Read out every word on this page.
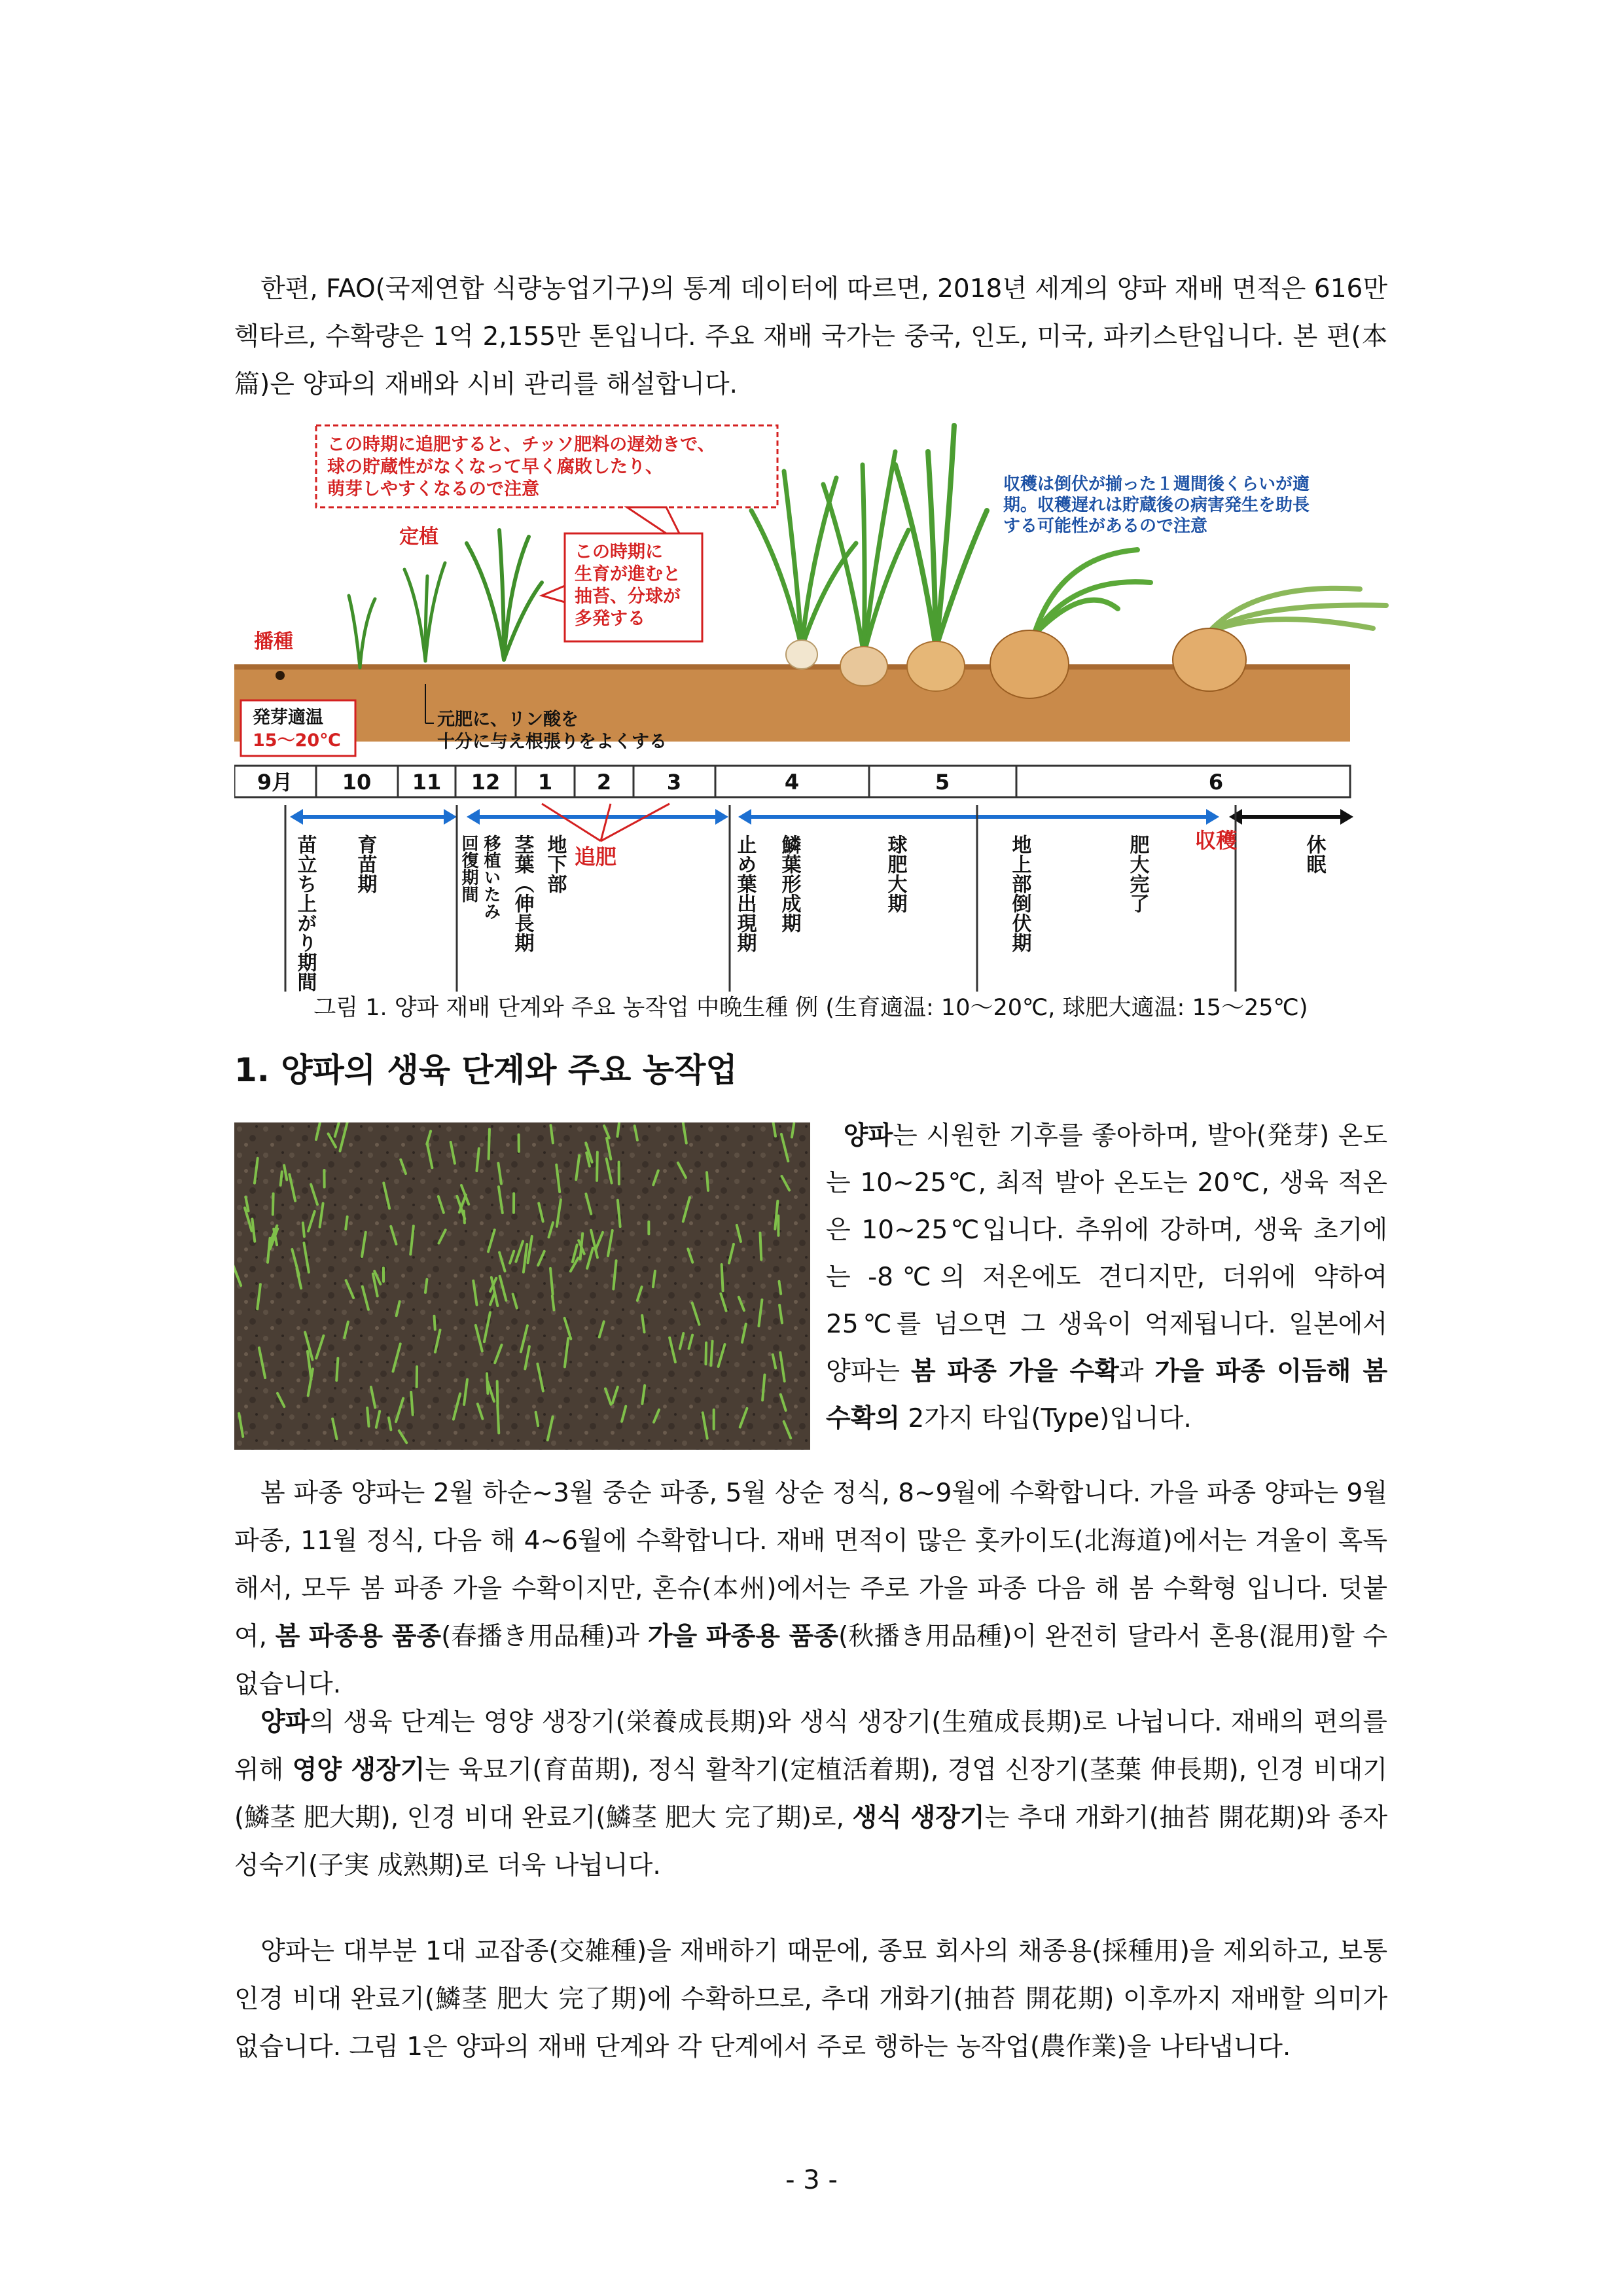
한편, FAO(국제연합 식량농업기구)의 통계 데이터에 따르면, 2018년 세계의 양파 재배 면적은 616만 헥타르, 수확량은 1억 2,155만 톤입니다. 주요 재배 국가는 중국, 인도, 미국, 파키스탄입니다. 본 편(本篇)은 양파의 재배와 시비 관리를 해설합니다.

この時期に追肥すると、チッソ肥料の遅効きで、
球の貯蔵性がなくなって早く腐敗したり、
萌芽しやすくなるので注意
この時期に
生育が進むと
抽苔、分球が
多発する
収穫は倒伏が揃った１週間後くらいが適
期。収穫遅れは貯蔵後の病害発生を助長
する可能性があるので注意
播種
定植
発芽適温
15～20℃
元肥に、リン酸を
十分に与え根張りをよくする
9月 10 11 12 1 2	3	4	5	6
追肥
苗立ち上がり期間 育苗期	回復期間 移植いたみ 茎葉（伸長期 地下部	止め葉出現期 鱗葉形成期	球肥大期	地上部倒伏期	肥大完了	休眠
収穫
그림 1. 양파 재배 단계와 주요 농작업 中晩生種 例 (生育適温: 10～20℃, 球肥大適温: 15～25℃)
1. 양파의 생육 단계와 주요 농작업

양파는 시원한 기후를 좋아하며, 발아(発芽) 온도는 10~25℃, 최적 발아 온도는 20℃, 생육 적온은 10~25℃입니다. 추위에 강하며, 생육 초기에는 -8℃의 저온에도 견디지만, 더위에 약하여 25℃를 넘으면 그 생육이 억제됩니다. 일본에서 양파는 봄 파종 가을 수확과 가을 파종 이듬해 봄 수확의 2가지 타입(Type)입니다.

봄 파종 양파는 2월 하순~3월 중순 파종, 5월 상순 정식, 8~9월에 수확합니다. 가을 파종 양파는 9월 파종, 11월 정식, 다음 해 4~6월에 수확합니다. 재배 면적이 많은 홋카이도(北海道)에서는 겨울이 혹독해서, 모두 봄 파종 가을 수확이지만, 혼슈(本州)에서는 주로 가을 파종 다음 해 봄 수확형 입니다. 덧붙여, 봄 파종용 품종(春播き用品種)과 가을 파종용 품종(秋播き用品種)이 완전히 달라서 혼용(混用)할 수 없습니다.

양파의 생육 단계는 영양 생장기(栄養成長期)와 생식 생장기(生殖成長期)로 나뉩니다. 재배의 편의를 위해 영양 생장기는 육묘기(育苗期), 정식 활착기(定植活着期), 경엽 신장기(茎葉 伸長期), 인경 비대기(鱗茎 肥大期), 인경 비대 완료기(鱗茎 肥大 完了期)로, 생식 생장기는 추대 개화기(抽苔 開花期)와 종자 성숙기(子実 成熟期)로 더욱 나뉩니다.

양파는 대부분 1대 교잡종(交雑種)을 재배하기 때문에, 종묘 회사의 채종용(採種用)을 제외하고, 보통 인경 비대 완료기(鱗茎 肥大 完了期)에 수확하므로, 추대 개화기(抽苔 開花期) 이후까지 재배할 의미가 없습니다. 그림 1은 양파의 재배 단계와 각 단계에서 주로 행하는 농작업(農作業)을 나타냅니다.

- 3 -
